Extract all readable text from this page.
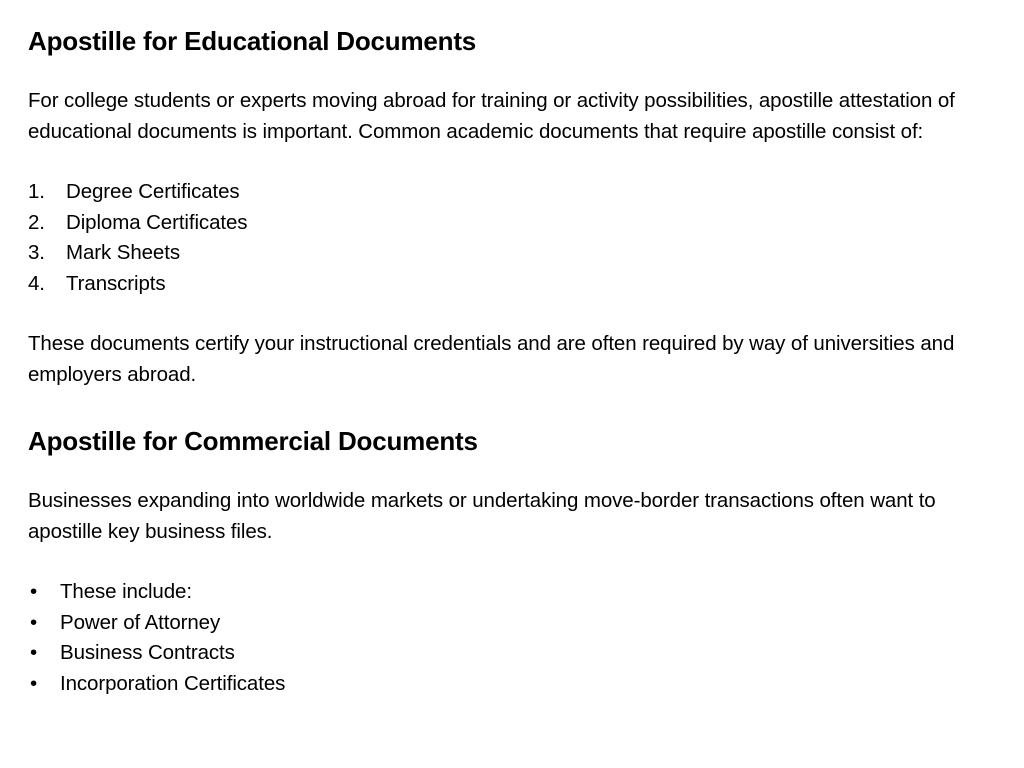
Apostille for Educational Documents

For college students or experts moving abroad for training or activity possibilities, apostille attestation of educational documents is important. Common academic documents that require apostille consist of:

1.	Degree Certificates
2.	Diploma Certificates
3.	Mark Sheets
4.	Transcripts

These documents certify your instructional credentials and are often required by way of universities and employers abroad.

Apostille for Commercial Documents

Businesses expanding into worldwide markets or undertaking move-border transactions often want to apostille key business files.

•	These include:
•	Power of Attorney
•	Business Contracts
•	Incorporation Certificates
